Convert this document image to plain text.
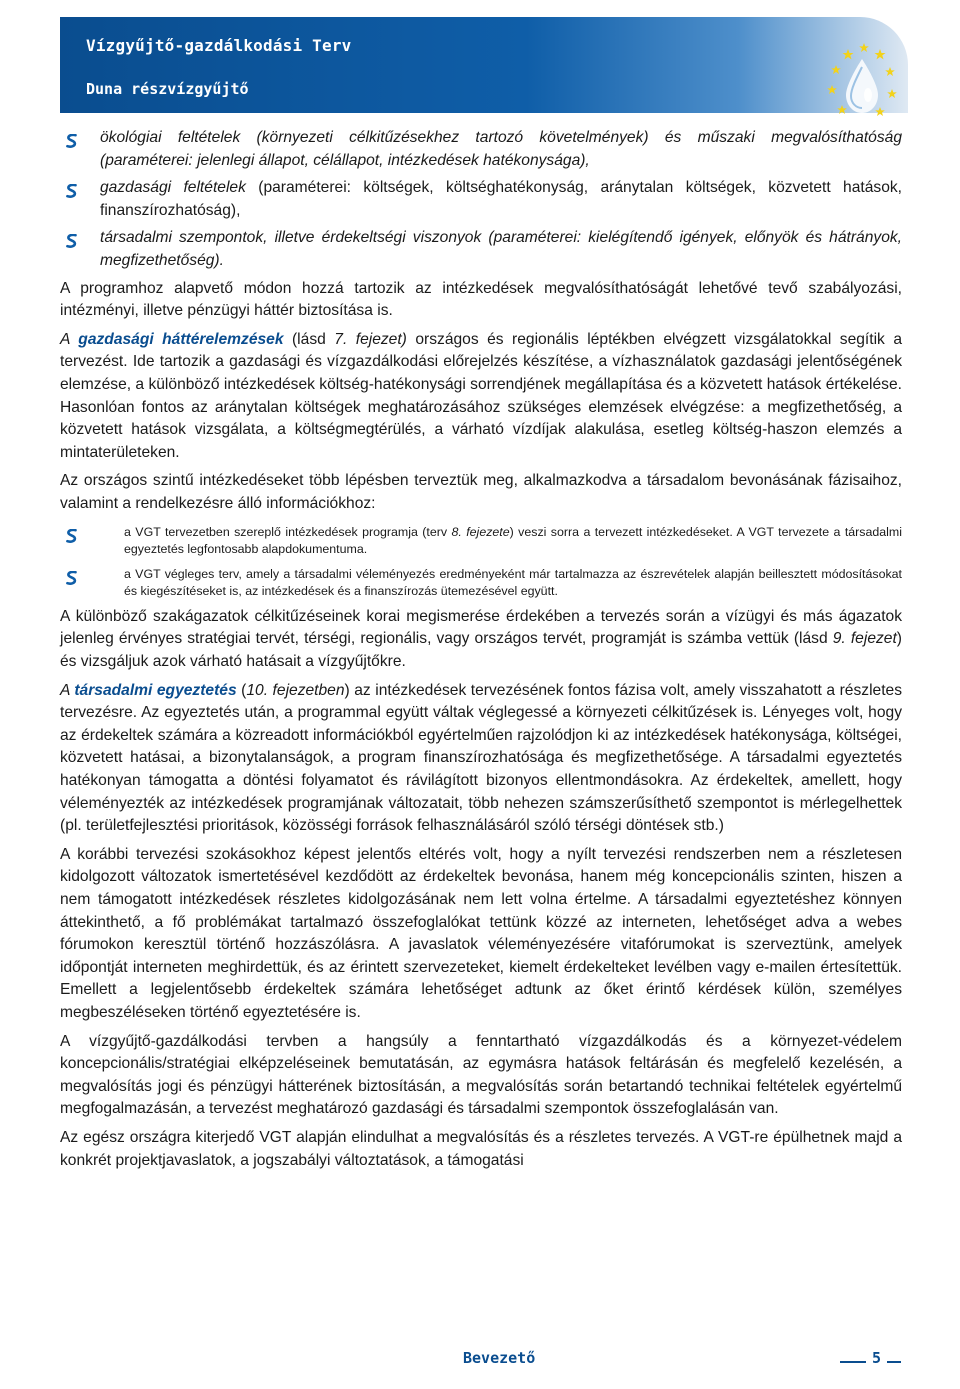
Vízgyűjtő-gazdálkodási Terv
Duna részvízgyűjtő
ökológiai feltételek (környezeti célkitűzésekhez tartozó követelmények) és műszaki megvalósíthatóság (paraméterei: jelenlegi állapot, célállapot, intézkedések hatékonysága),
gazdasági feltételek (paraméterei: költségek, költséghatékonyság, aránytalan költségek, közvetett hatások, finanszírozhatóság),
társadalmi szempontok, illetve érdekeltségi viszonyok (paraméterei: kielégítendő igények, előnyök és hátrányok, megfizethetőség).

A programhoz alapvető módon hozzá tartozik az intézkedések megvalósíthatóságát lehetővé tevő szabályozási, intézményi, illetve pénzügyi háttér biztosítása is.

A gazdasági háttérelemzések (lásd 7. fejezet) országos és regionális léptékben elvégzett vizsgálatokkal segítik a tervezést. Ide tartozik a gazdasági és vízgazdálkodási előrejelzés készítése, a vízhasználatok gazdasági jelentőségének elemzése, a különböző intézkedések költség-hatékonysági sorrendjének megállapítása és a közvetett hatások értékelése. Hasonlóan fontos az aránytalan költségek meghatározásához szükséges elemzések elvégzése: a megfizethetőség, a közvetett hatások vizsgálata, a költségmegtérülés, a várható vízdíjak alakulása, esetleg költség-haszon elemzés a mintaterületeken.

Az országos szintű intézkedéseket több lépésben terveztük meg, alkalmazkodva a társadalom bevonásának fázisaihoz, valamint a rendelkezésre álló információkhoz:

a VGT tervezetben szereplő intézkedések programja (terv 8. fejezete) veszi sorra a tervezett intézkedéseket. A VGT tervezete a társadalmi egyeztetés legfontosabb alapdokumentuma.
a VGT végleges terv, amely a társadalmi véleményezés eredményeként már tartalmazza az észrevételek alapján beillesztett módosításokat és kiegészítéseket is, az intézkedések és a finanszírozás ütemezésével együtt.

A különböző szakágazatok célkitűzéseinek korai megismerése érdekében a tervezés során a vízügyi és más ágazatok jelenleg érvényes stratégiai tervét, térségi, regionális, vagy országos tervét, programját is számba vettük (lásd 9. fejezet) és vizsgáljuk azok várható hatásait a vízgyűjtőkre.

A társadalmi egyeztetés (10. fejezetben) az intézkedések tervezésének fontos fázisa volt, amely visszahatott a részletes tervezésre. Az egyeztetés után, a programmal együtt váltak véglegessé a környezeti célkitűzések is. Lényeges volt, hogy az érdekeltek számára a közreadott információkból egyértelműen rajzolódjon ki az intézkedések hatékonysága, költségei, közvetett hatásai, a bizonytalanságok, a program finanszírozhatósága és megfizethetősége. A társadalmi egyeztetés hatékonyan támogatta a döntési folyamatot és rávilágított bizonyos ellentmondásokra. Az érdekeltek, amellett, hogy véleményezték az intézkedések programjának változatait, több nehezen számszerűsíthető szempontot is mérlegelhettek (pl. területfejlesztési prioritások, közösségi források felhasználásáról szóló térségi döntések stb.)

A korábbi tervezési szokásokhoz képest jelentős eltérés volt, hogy a nyílt tervezési rendszerben nem a részletesen kidolgozott változatok ismertetésével kezdődött az érdekeltek bevonása, hanem még koncepcionális szinten, hiszen a nem támogatott intézkedések részletes kidolgozásának nem lett volna értelme. A társadalmi egyeztetéshez könnyen áttekinthető, a fő problémákat tartalmazó összefoglalókat tettünk közzé az interneten, lehetőséget adva a webes fórumokon keresztül történő hozzászólásra. A javaslatok véleményezésére vitafórumokat is szerveztünk, amelyek időpontját interneten meghirdettük, és az érintett szervezeteket, kiemelt érdekelteket levélben vagy e-mailen értesítettük. Emellett a legjelentősebb érdekeltek számára lehetőséget adtunk az őket érintő kérdések külön, személyes megbeszéléseken történő egyeztetésére is.

A vízgyűjtő-gazdálkodási tervben a hangsúly a fenntartható vízgazdálkodás és a környezet-védelem koncepcionális/stratégiai elképzeléseinek bemutatásán, az egymásra hatások feltárásán és megfelelő kezelésén, a megvalósítás jogi és pénzügyi hátterének biztosításán, a megvalósítás során betartandó technikai feltételek egyértelmű megfogalmazásán, a tervezést meghatározó gazdasági és társadalmi szempontok összefoglalásán van.

Az egész országra kiterjedő VGT alapján elindulhat a megvalósítás és a részletes tervezés. A VGT-re épülhetnek majd a konkrét projektjavaslatok, a jogszabályi változtatások, a támogatási

Bevezető	5
